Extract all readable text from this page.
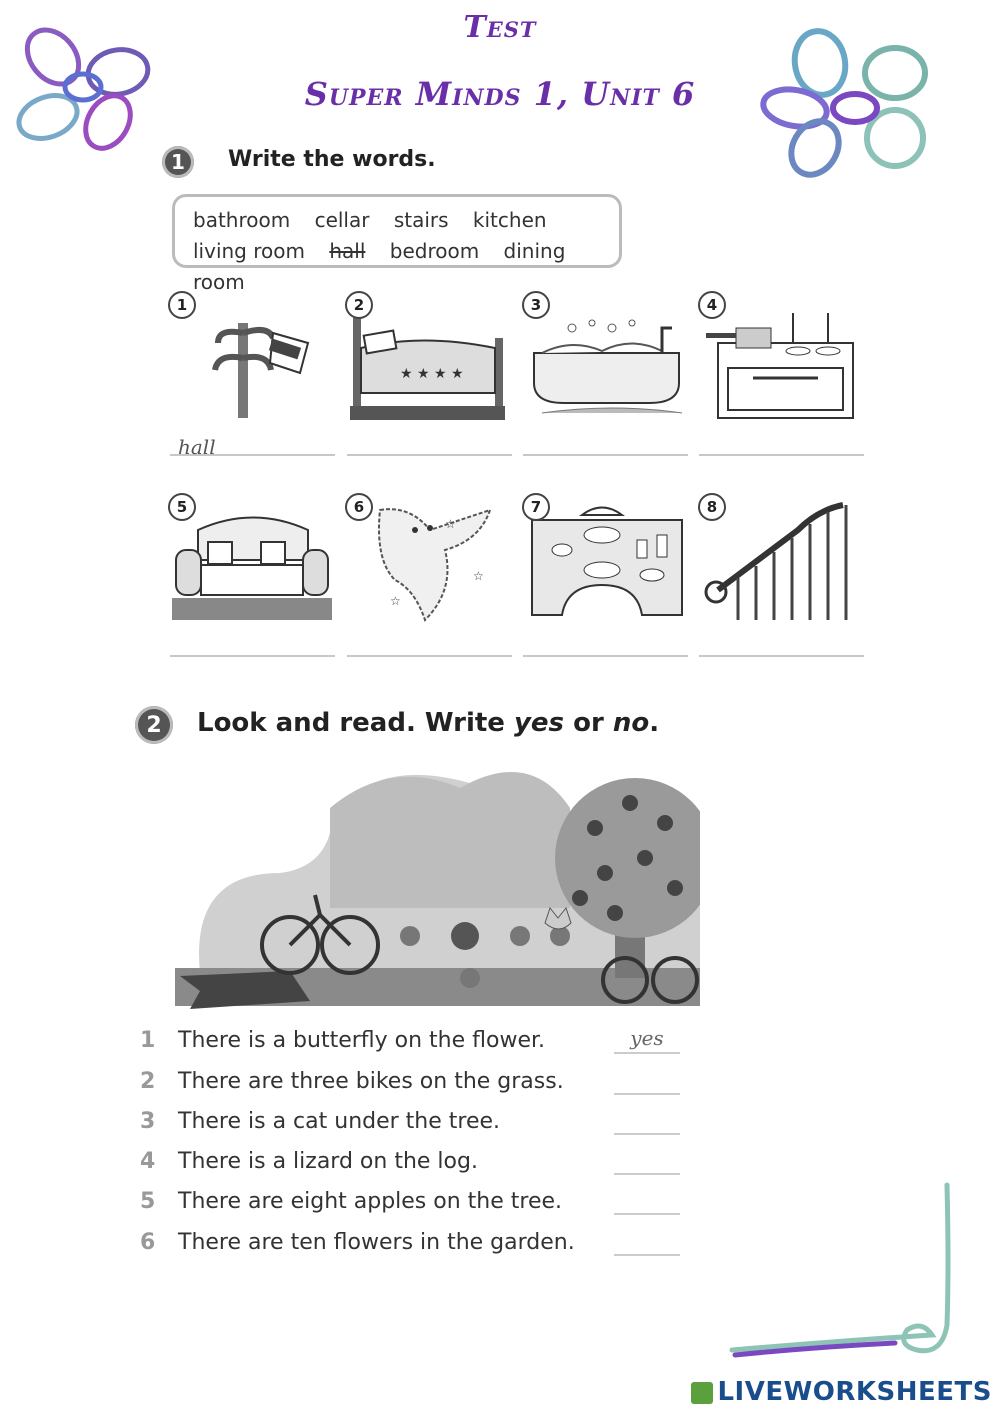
Test
Super Minds 1, Unit 6
1	Write the words.
bathroom cellar stairs kitchen
living room hall bedroom dining room
1
★ ★ ★ ★
2	3	4
hall
5
☆
☆
☆
6	7	8
2	Look and read. Write yes or no.
1	There is a butterfly on the flower.	yes
2	There are three bikes on the grass.
3	There is a cat under the tree.
4	There is a lizard on the log.
5	There are eight apples on the tree.
6	There are ten flowers in the garden.
LIVEWORKSHEETS
